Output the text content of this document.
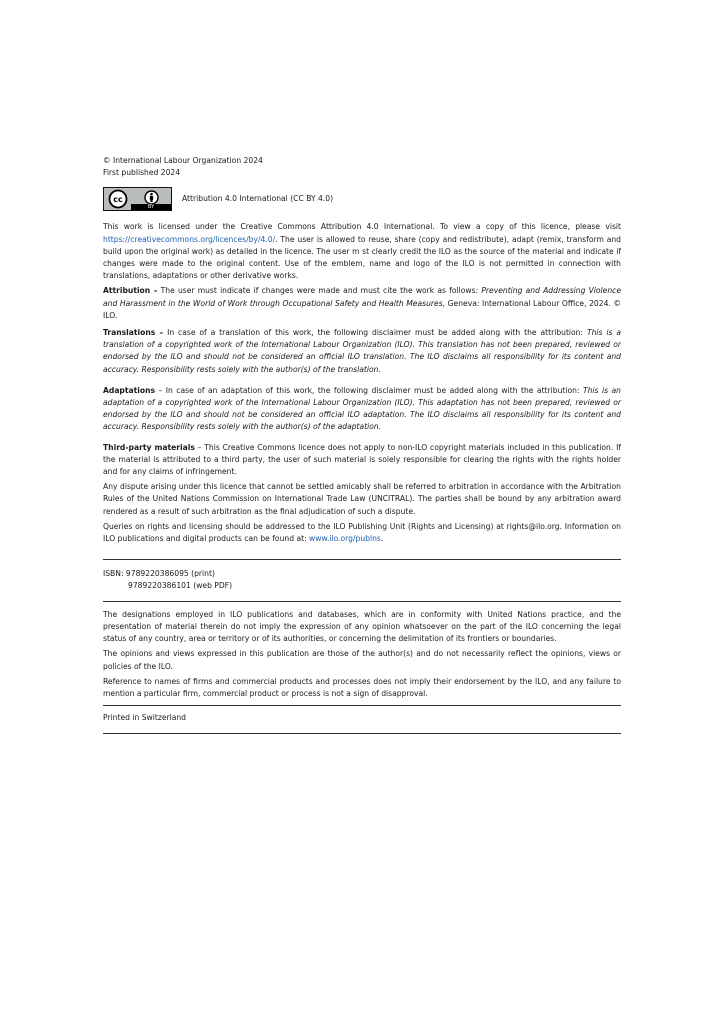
© International Labour Organization 2024
First published 2024
cc
BY
Attribution 4.0 International (CC BY 4.0)

This work is licensed under the Creative Commons Attribution 4.0 International. To view a copy of this licence, please visit https://creativecommons.org/licences/by/4.0/. The user is allowed to reuse, share (copy and redistribute), adapt (remix, transform and build upon the original work) as detailed in the licence. The user m st clearly credit the ILO as the source of the material and indicate if changes were made to the original content. Use of the emblem, name and logo of the ILO is not permitted in connection with translations, adaptations or other derivative works.

Attribution – The user must indicate if changes were made and must cite the work as follows: Preventing and Addressing Violence and Harassment in the World of Work through Occupational Safety and Health Measures, Geneva: International Labour Office, 2024. © ILO.

Translations – In case of a translation of this work, the following disclaimer must be added along with the attribution: This is a translation of a copyrighted work of the International Labour Organization (ILO). This translation has not been prepared, reviewed or endorsed by the ILO and should not be considered an official ILO translation. The ILO disclaims all responsibility for its content and accuracy. Responsibility rests solely with the author(s) of the translation.

Adaptations – In case of an adaptation of this work, the following disclaimer must be added along with the attribution: This is an adaptation of a copyrighted work of the International Labour Organization (ILO). This adaptation has not been prepared, reviewed or endorsed by the ILO and should not be considered an official ILO adaptation. The ILO disclaims all responsibility for its content and accuracy. Responsibility rests solely with the author(s) of the adaptation.

Third-party materials – This Creative Commons licence does not apply to non-ILO copyright materials included in this publication. If the material is attributed to a third party, the user of such material is solely responsible for clearing the rights with the rights holder and for any claims of infringement.

Any dispute arising under this licence that cannot be settled amicably shall be referred to arbitration in accordance with the Arbitration Rules of the United Nations Commission on International Trade Law (UNCITRAL). The parties shall be bound by any arbitration award rendered as a result of such arbitration as the final adjudication of such a dispute.

Queries on rights and licensing should be addressed to the ILO Publishing Unit (Rights and Licensing) at rights@ilo.org. Information on ILO publications and digital products can be found at: www.ilo.org/publns.

ISBN: 9789220386095 (print)
9789220386101 (web PDF)

The designations employed in ILO publications and databases, which are in conformity with United Nations practice, and the presentation of material therein do not imply the expression of any opinion whatsoever on the part of the ILO concerning the legal status of any country, area or territory or of its authorities, or concerning the delimitation of its frontiers or boundaries.

The opinions and views expressed in this publication are those of the author(s) and do not necessarily reflect the opinions, views or policies of the ILO.

Reference to names of firms and commercial products and processes does not imply their endorsement by the ILO, and any failure to mention a particular firm, commercial product or process is not a sign of disapproval.

Printed in Switzerland
